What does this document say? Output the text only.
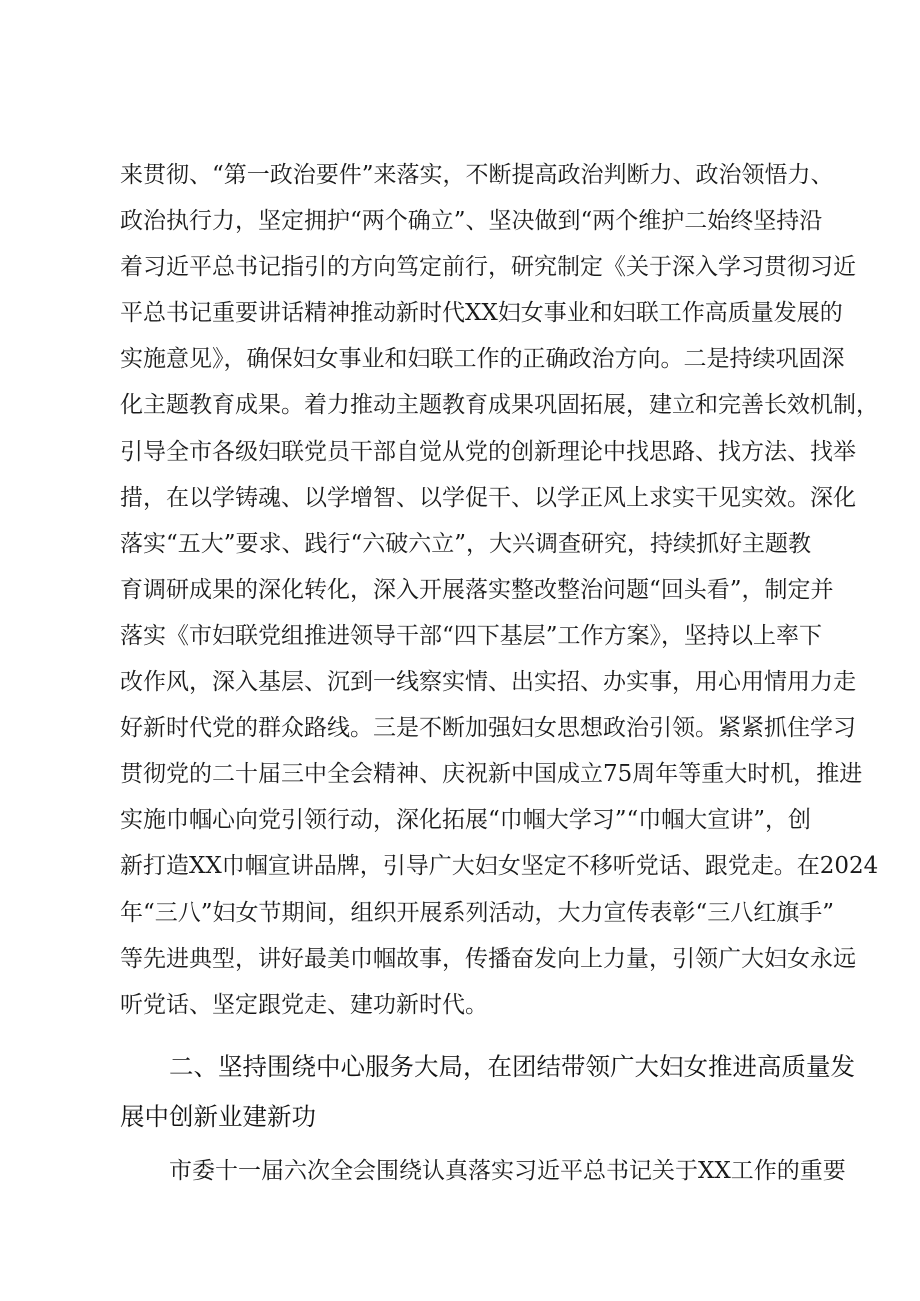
来贯彻、“第一政治要件”来落实，不断提高政治判断力、政治领悟力、
政治执行力，坚定拥护“两个确立”、坚决做到“两个维护二始终坚持沿
着习近平总书记指引的方向笃定前行，研究制定《关于深入学习贯彻习近
平总书记重要讲话精神推动新时代XX妇女事业和妇联工作高质量发展的
实施意见》，确保妇女事业和妇联工作的正确政治方向。二是持续巩固深
化主题教育成果。着力推动主题教育成果巩固拓展，建立和完善长效机制，
引导全市各级妇联党员干部自觉从党的创新理论中找思路、找方法、找举
措，在以学铸魂、以学增智、以学促干、以学正风上求实干见实效。深化
落实“五大”要求、践行“六破六立”，大兴调查研究，持续抓好主题教
育调研成果的深化转化，深入开展落实整改整治问题“回头看”，制定并
落实《市妇联党组推进领导干部“四下基层”工作方案》，坚持以上率下
改作风，深入基层、沉到一线察实情、出实招、办实事，用心用情用力走
好新时代党的群众路线。三是不断加强妇女思想政治引领。紧紧抓住学习
贯彻党的二十届三中全会精神、庆祝新中国成立75周年等重大时机，推进
实施巾帼心向党引领行动，深化拓展“巾帼大学习”“巾帼大宣讲”，创
新打造XX巾帼宣讲品牌，引导广大妇女坚定不移听党话、跟党走。在2024
年“三八”妇女节期间，组织开展系列活动，大力宣传表彰“三八红旗手”
等先进典型，讲好最美巾帼故事，传播奋发向上力量，引领广大妇女永远
听党话、坚定跟党走、建功新时代。
二、坚持围绕中心服务大局，在团结带领广大妇女推进高质量发
展中创新业建新功
市委十一届六次全会围绕认真落实习近平总书记关于XX工作的重要
